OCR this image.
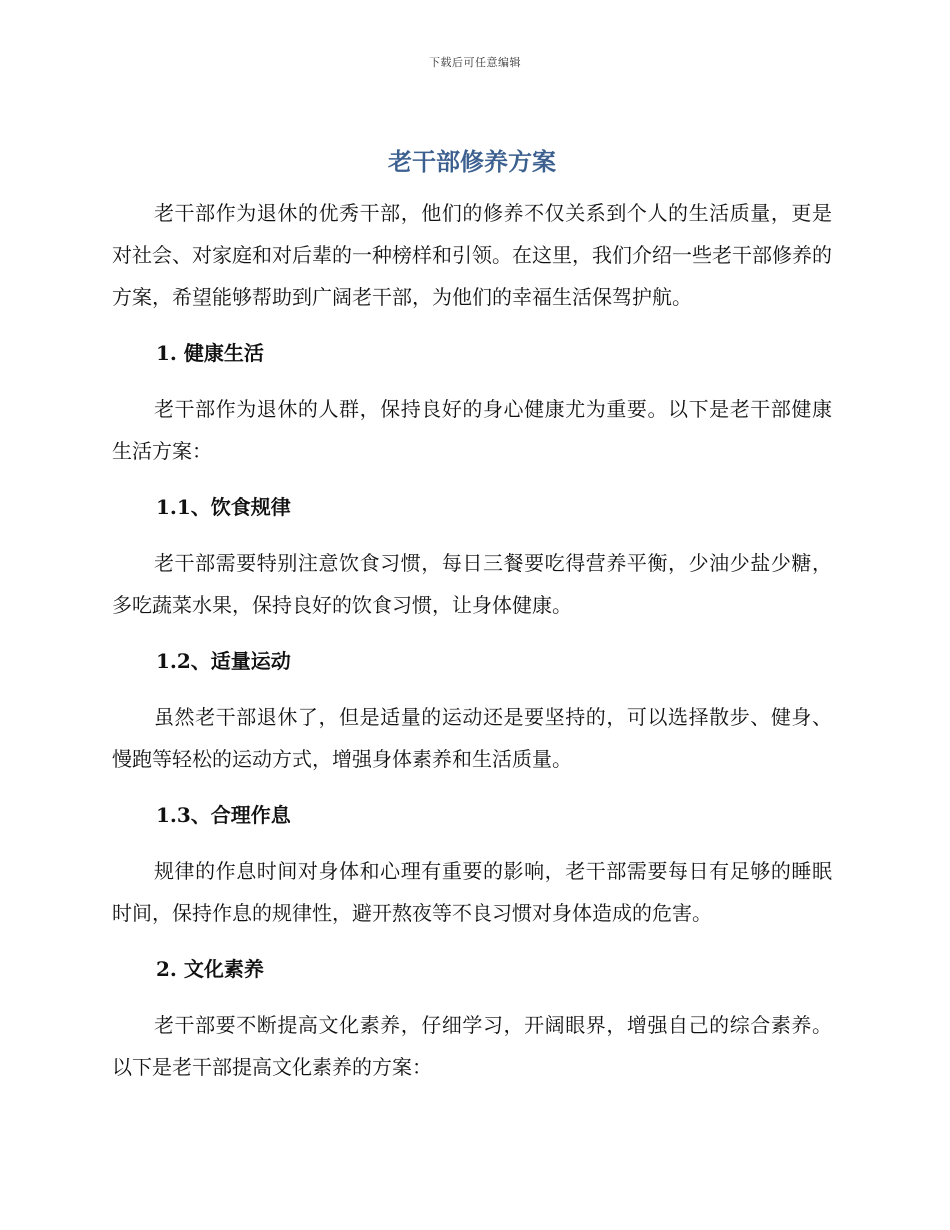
下载后可任意编辑
老干部修养方案

老干部作为退休的优秀干部，他们的修养不仅关系到个人的生活质量，更是对社会、对家庭和对后辈的一种榜样和引领。在这里，我们介绍一些老干部修养的方案，希望能够帮助到广阔老干部，为他们的幸福生活保驾护航。

1. 健康生活

老干部作为退休的人群，保持良好的身心健康尤为重要。以下是老干部健康生活方案：

1.1、饮食规律

老干部需要特别注意饮食习惯，每日三餐要吃得营养平衡，少油少盐少糖，多吃蔬菜水果，保持良好的饮食习惯，让身体健康。

1.2、适量运动

虽然老干部退休了，但是适量的运动还是要坚持的，可以选择散步、健身、慢跑等轻松的运动方式，增强身体素养和生活质量。

1.3、合理作息

规律的作息时间对身体和心理有重要的影响，老干部需要每日有足够的睡眠时间，保持作息的规律性，避开熬夜等不良习惯对身体造成的危害。

2. 文化素养

老干部要不断提高文化素养，仔细学习，开阔眼界，增强自己的综合素养。以下是老干部提高文化素养的方案：
